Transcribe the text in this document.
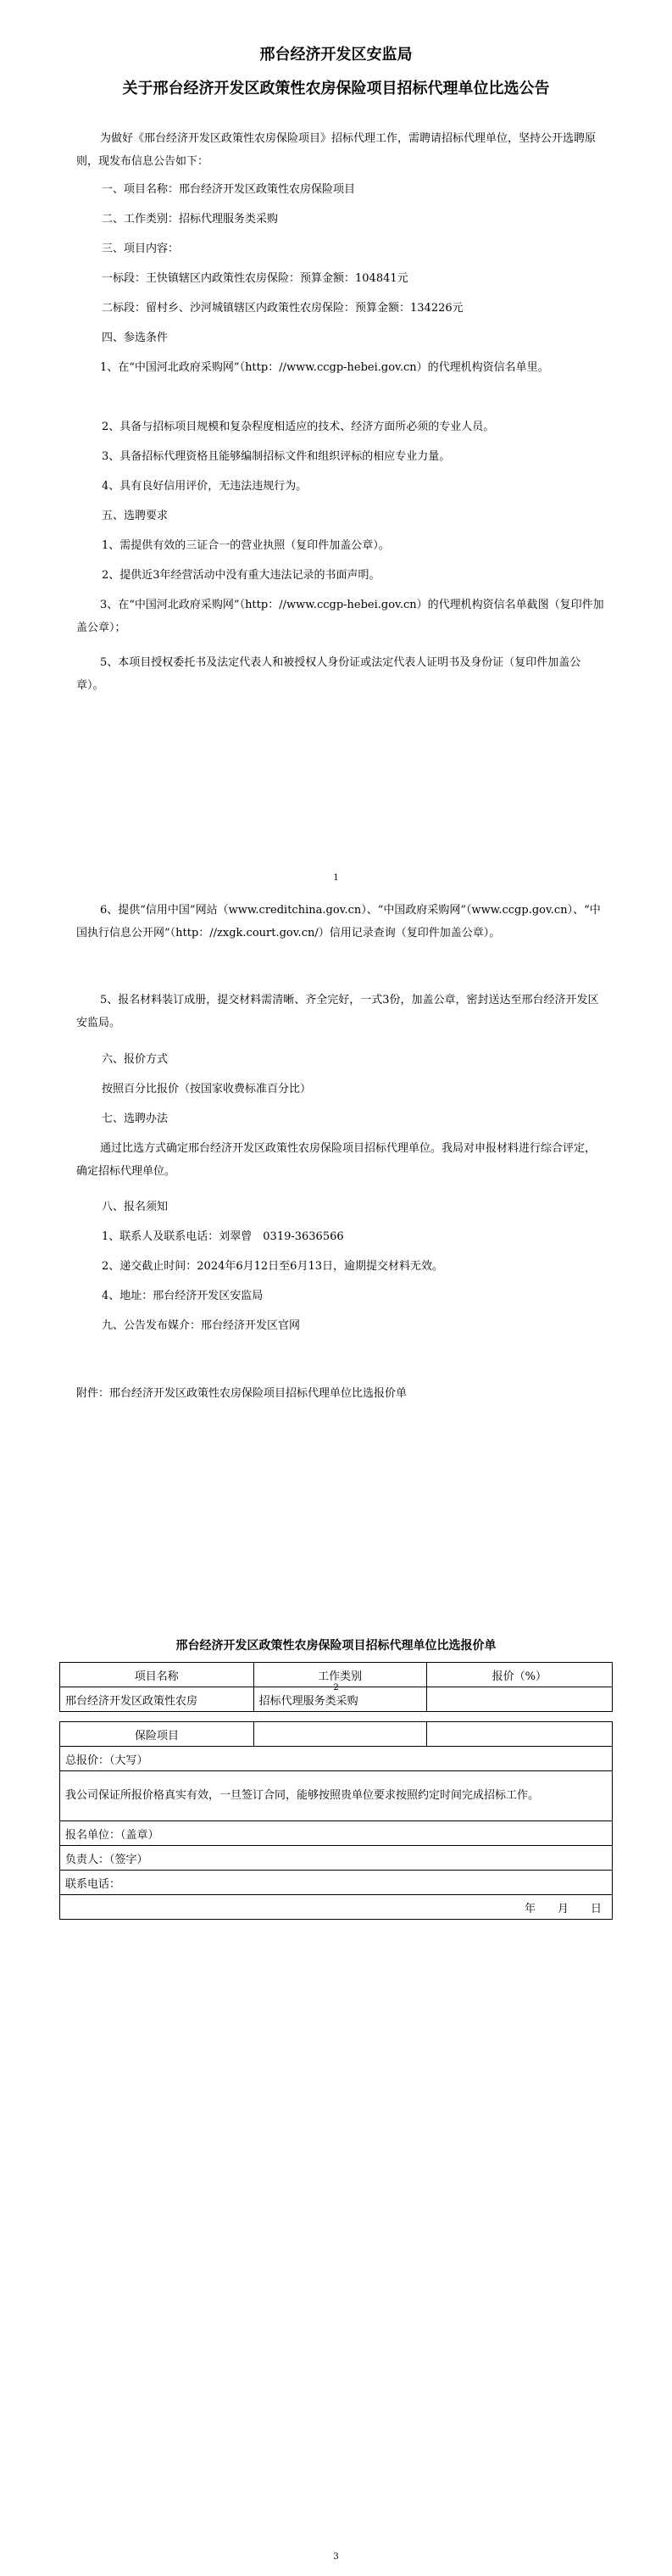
邢台经济开发区安监局
关于邢台经济开发区政策性农房保险项目招标代理单位比选公告
为做好《邢台经济开发区政策性农房保险项目》招标代理工作，需聘请招标代理单位，坚持公开选聘原则，现发布信息公告如下：
一、项目名称：邢台经济开发区政策性农房保险项目
二、工作类别：招标代理服务类采购
三、项目内容：
一标段：王快镇辖区内政策性农房保险：预算金额：104841元
二标段：留村乡、沙河城镇辖区内政策性农房保险：预算金额：134226元
四、参选条件
1、在“中国河北政府采购网”（http：//www.ccgp-hebei.gov.cn）的代理机构资信名单里。
2、具备与招标项目规模和复杂程度相适应的技术、经济方面所必须的专业人员。
3、具备招标代理资格且能够编制招标文件和组织评标的相应专业力量。
4、具有良好信用评价，无违法违规行为。
五、选聘要求
1、需提供有效的三证合一的营业执照（复印件加盖公章）。
2、提供近3年经营活动中没有重大违法记录的书面声明。
3、在“中国河北政府采购网”（http：//www.ccgp-hebei.gov.cn）的代理机构资信名单截图（复印件加盖公章）；
5、本项目授权委托书及法定代表人和被授权人身份证或法定代表人证明书及身份证（复印件加盖公章）。
1
6、提供“信用中国”网站（www.creditchina.gov.cn）、“中国政府采购网”（www.ccgp.gov.cn）、“中国执行信息公开网”（http：//zxgk.court.gov.cn/）信用记录查询（复印件加盖公章）。
5、报名材料装订成册，提交材料需清晰、齐全完好，一式3份，加盖公章，密封送达至邢台经济开发区安监局。
六、报价方式
按照百分比报价（按国家收费标准百分比）
七、选聘办法
通过比选方式确定邢台经济开发区政策性农房保险项目招标代理单位。我局对申报材料进行综合评定，确定招标代理单位。
八、报名须知
1、联系人及联系电话：刘翠曾　0319-3636566
2、递交截止时间：2024年6月12日至6月13日，逾期提交材料无效。
4、地址：邢台经济开发区安监局
九、公告发布媒介：邢台经济开发区官网
附件：邢台经济开发区政策性农房保险项目招标代理单位比选报价单
邢台经济开发区政策性农房保险项目招标代理单位比选报价单
项目名称	工作类别	报价（%）
邢台经济开发区政策性农房	招标代理服务类采购	
2
保险项目		
总报价：（大写）
我公司保证所报价格真实有效，一旦签订合同，能够按照贵单位要求按照约定时间完成招标工作。
报名单位：（盖章）
负责人：（签字）
联系电话：
年　　月　　日
3
